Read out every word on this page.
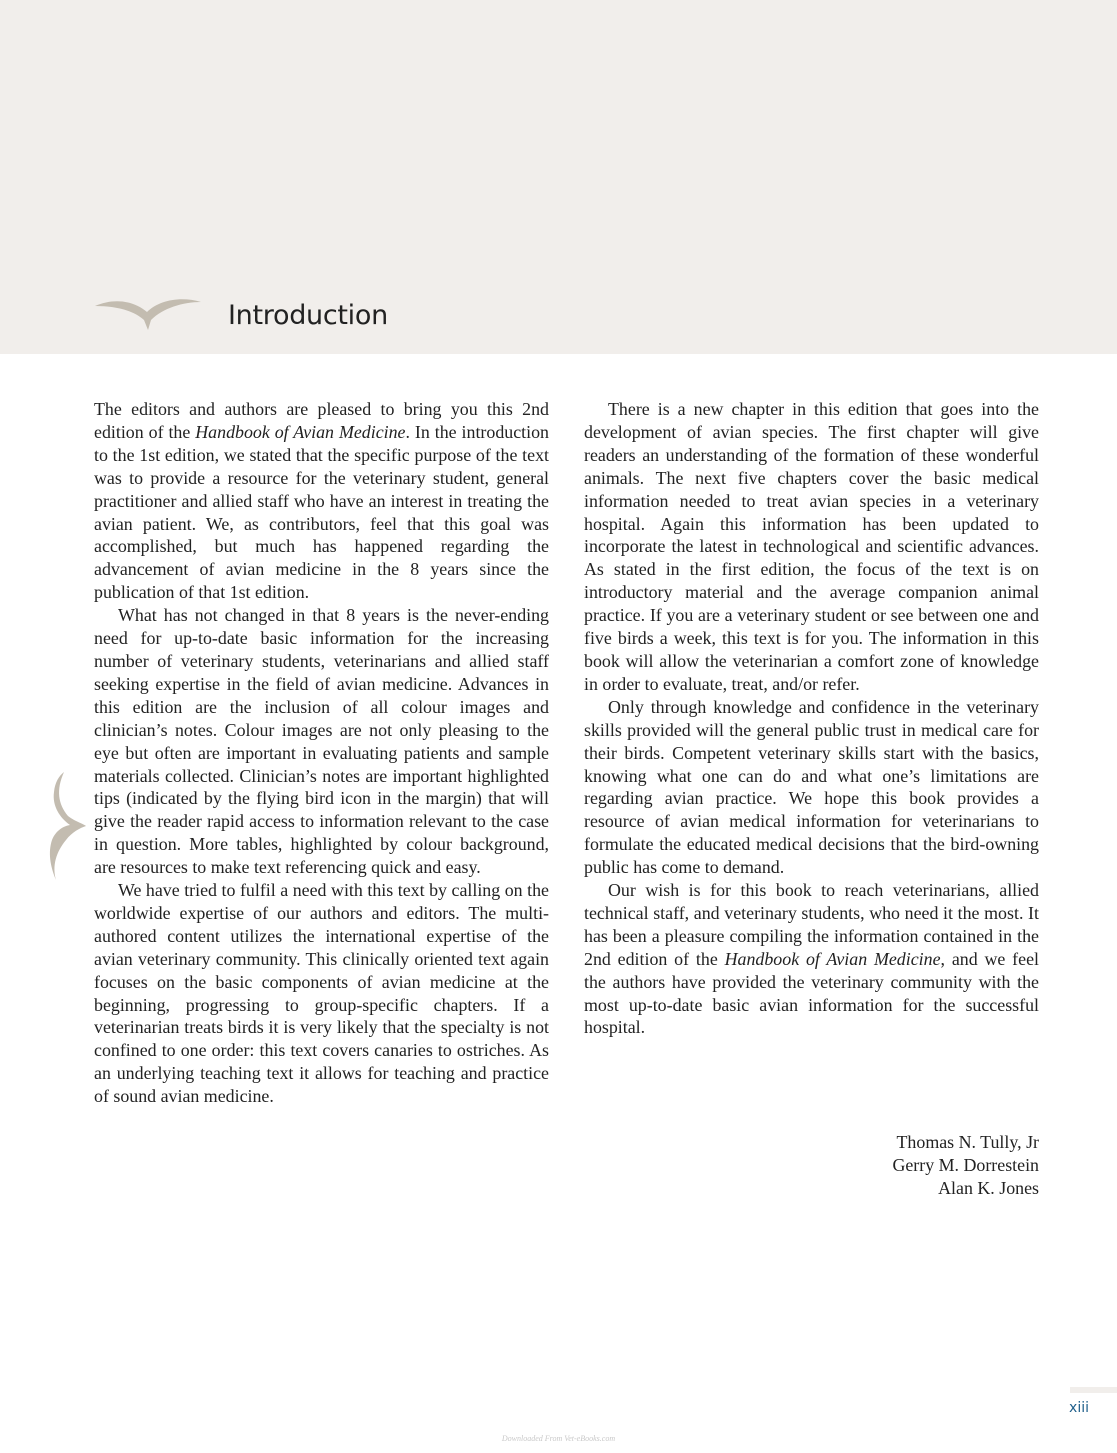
Introduction

The editors and authors are pleased to bring you this 2nd edition of the Handbook of Avian Medicine. In the introduction to the 1st edition, we stated that the specific purpose of the text was to provide a resource for the veterinary student, general practitioner and allied staff who have an interest in treating the avian patient. We, as contributors, feel that this goal was accomplished, but much has happened regarding the advancement of avian medicine in the 8 years since the publication of that 1st edition.

What has not changed in that 8 years is the never-ending need for up-to-date basic information for the increasing number of veterinary students, veterinarians and allied staff seeking expertise in the field of avian medicine. Advances in this edition are the inclusion of all colour images and clinician’s notes. Colour images are not only pleasing to the eye but often are important in evaluating patients and sample materials collected. Clinician’s notes are important highlighted tips (indicated by the flying bird icon in the margin) that will give the reader rapid access to information relevant to the case in question. More tables, highlighted by colour background, are resources to make text referencing quick and easy.

We have tried to fulfil a need with this text by calling on the worldwide expertise of our authors and editors. The multi-authored content utilizes the international expertise of the avian veterinary community. This clinically oriented text again focuses on the basic components of avian medicine at the beginning, progressing to group-specific chapters. If a veterinarian treats birds it is very likely that the specialty is not confined to one order: this text covers canaries to ostriches. As an underlying teaching text it allows for teaching and practice of sound avian medicine.

There is a new chapter in this edition that goes into the development of avian species. The first chapter will give readers an understanding of the formation of these wonderful animals. The next five chapters cover the basic medical information needed to treat avian species in a veterinary hospital. Again this information has been updated to incorporate the latest in technological and scientific advances. As stated in the first edition, the focus of the text is on introductory material and the average companion animal practice. If you are a veterinary student or see between one and five birds a week, this text is for you. The information in this book will allow the veterinarian a comfort zone of knowledge in order to evaluate, treat, and/or refer.

Only through knowledge and confidence in the veterinary skills provided will the general public trust in medical care for their birds. Competent veterinary skills start with the basics, knowing what one can do and what one’s limitations are regarding avian practice. We hope this book provides a resource of avian medical information for veterinarians to formulate the educated medical decisions that the bird-owning public has come to demand.

Our wish is for this book to reach veterinarians, allied technical staff, and veterinary students, who need it the most. It has been a pleasure compiling the information contained in the 2nd edition of the Handbook of Avian Medicine, and we feel the authors have provided the veterinary community with the most up-to-date basic avian information for the successful hospital.

Thomas N. Tully, Jr
Gerry M. Dorrestein
Alan K. Jones
xiii
Downloaded From Vet-eBooks.com
